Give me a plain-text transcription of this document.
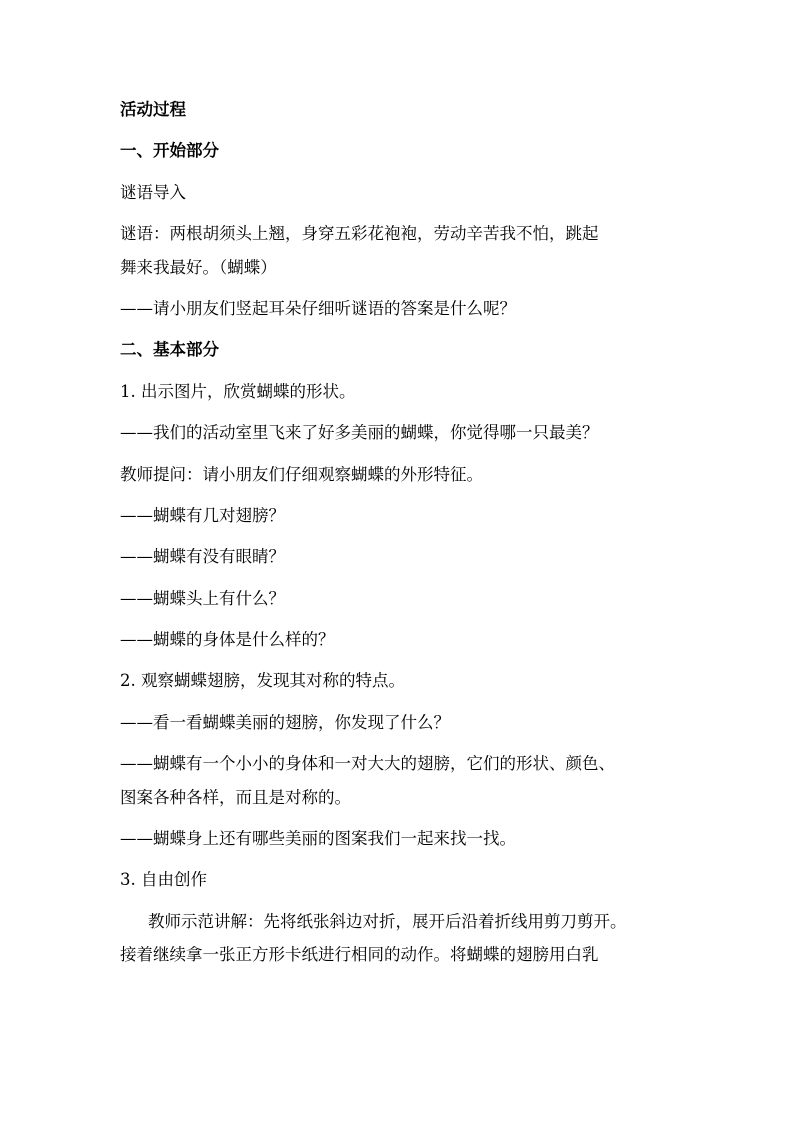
活动过程
一、开始部分
谜语导入
谜语：两根胡须头上翘，身穿五彩花袍袍，劳动辛苦我不怕，跳起
舞来我最好。（蝴蝶）
——请小朋友们竖起耳朵仔细听谜语的答案是什么呢？
二、基本部分
1. 出示图片，欣赏蝴蝶的形状。
——我们的活动室里飞来了好多美丽的蝴蝶，你觉得哪一只最美？
教师提问：请小朋友们仔细观察蝴蝶的外形特征。
——蝴蝶有几对翅膀？
——蝴蝶有没有眼睛？
——蝴蝶头上有什么？
——蝴蝶的身体是什么样的？
2. 观察蝴蝶翅膀，发现其对称的特点。
——看一看蝴蝶美丽的翅膀，你发现了什么？
——蝴蝶有一个小小的身体和一对大大的翅膀，它们的形状、颜色、
图案各种各样，而且是对称的。
——蝴蝶身上还有哪些美丽的图案我们一起来找一找。
3. 自由创作
教师示范讲解：先将纸张斜边对折，展开后沿着折线用剪刀剪开。
接着继续拿一张正方形卡纸进行相同的动作。将蝴蝶的翅膀用白乳
